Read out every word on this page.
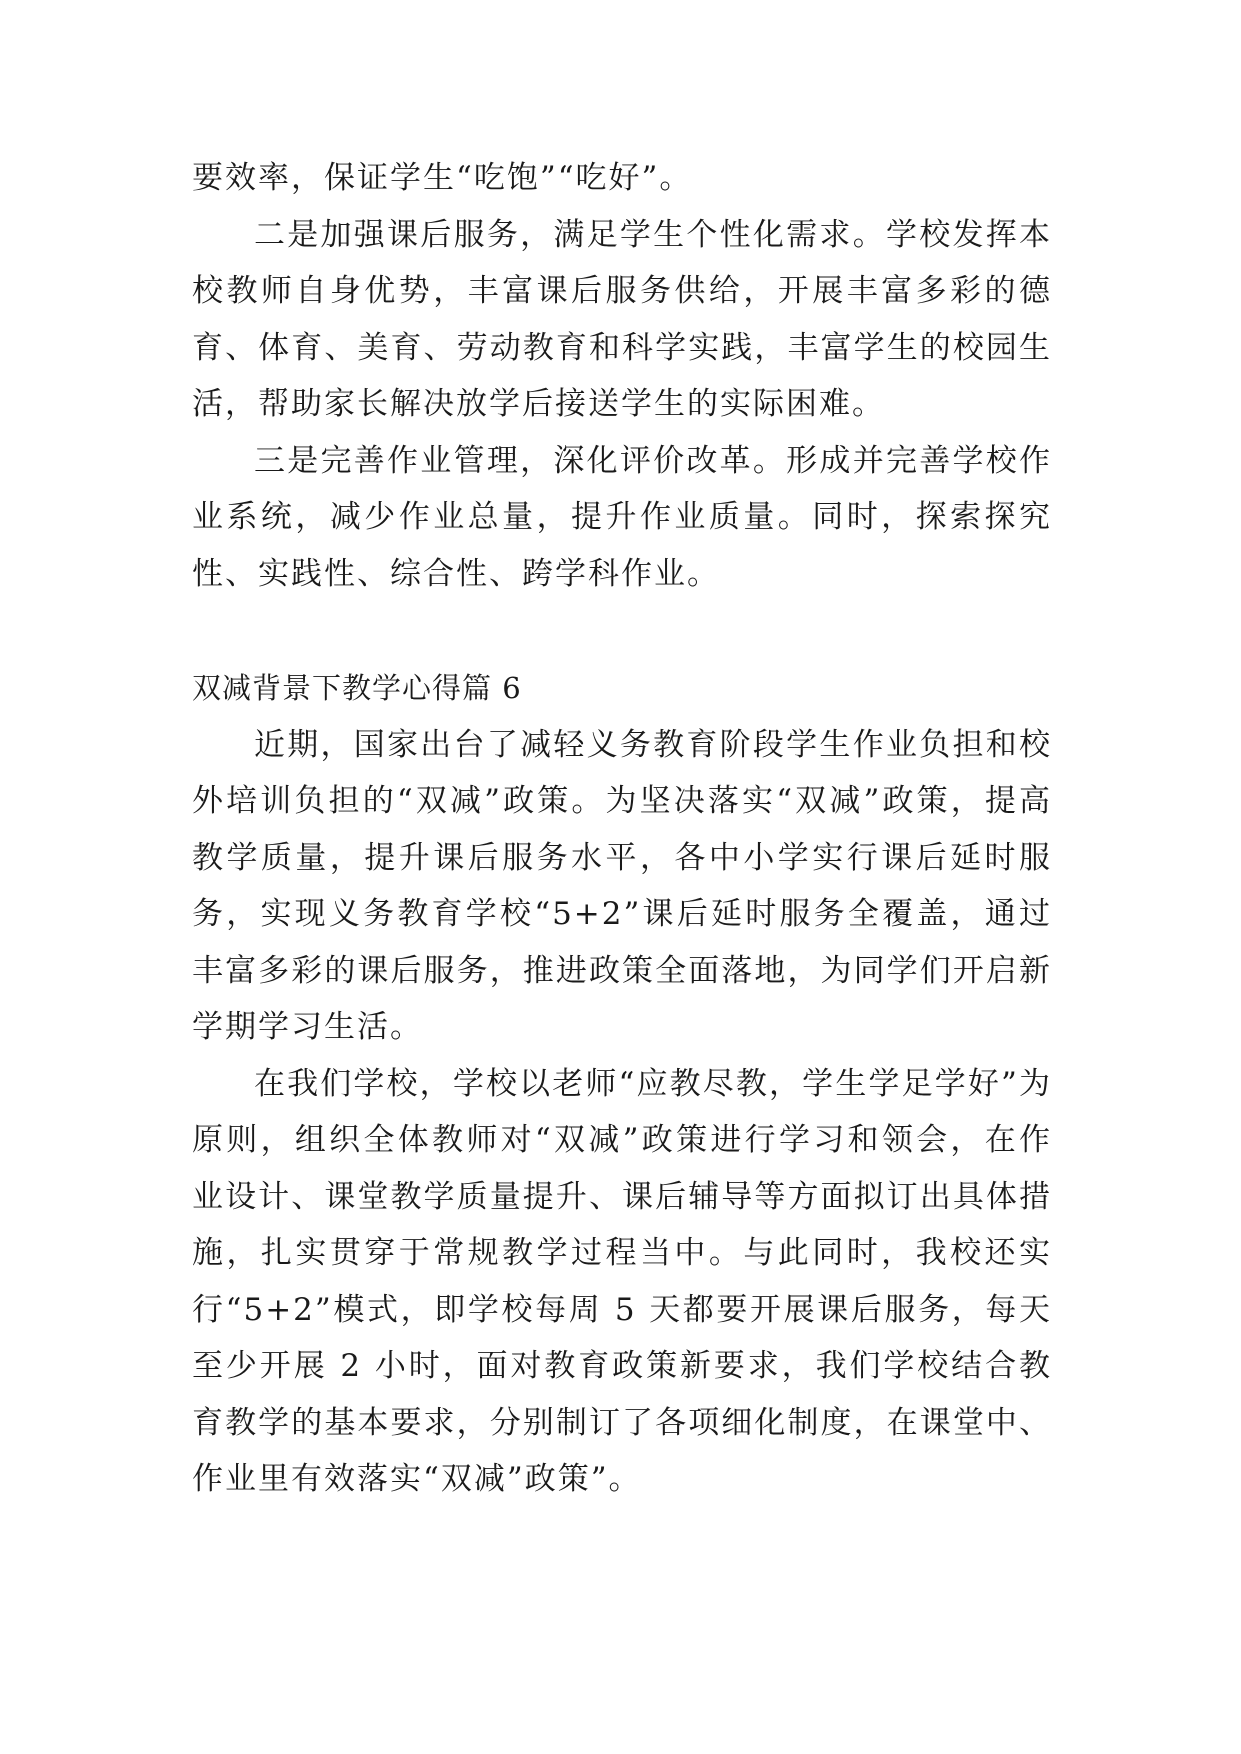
要效率，保证学生“吃饱”“吃好”。

二是加强课后服务，满足学生个性化需求。学校发挥本校教师自身优势，丰富课后服务供给，开展丰富多彩的德育、体育、美育、劳动教育和科学实践，丰富学生的校园生活，帮助家长解决放学后接送学生的实际困难。

三是完善作业管理，深化评价改革。形成并完善学校作业系统，减少作业总量，提升作业质量。同时，探索探究性、实践性、综合性、跨学科作业。

双减背景下教学心得篇 6

近期，国家出台了减轻义务教育阶段学生作业负担和校外培训负担的“双减”政策。为坚决落实“双减”政策，提高教学质量，提升课后服务水平，各中小学实行课后延时服务，实现义务教育学校“5+2”课后延时服务全覆盖，通过丰富多彩的课后服务，推进政策全面落地，为同学们开启新学期学习生活。

在我们学校，学校以老师“应教尽教，学生学足学好”为原则，组织全体教师对“双减”政策进行学习和领会，在作业设计、课堂教学质量提升、课后辅导等方面拟订出具体措施，扎实贯穿于常规教学过程当中。与此同时，我校还实行“5+2”模式，即学校每周 5 天都要开展课后服务，每天至少开展 2 小时，面对教育政策新要求，我们学校结合教育教学的基本要求，分别制订了各项细化制度，在课堂中、作业里有效落实“双减”政策”。
